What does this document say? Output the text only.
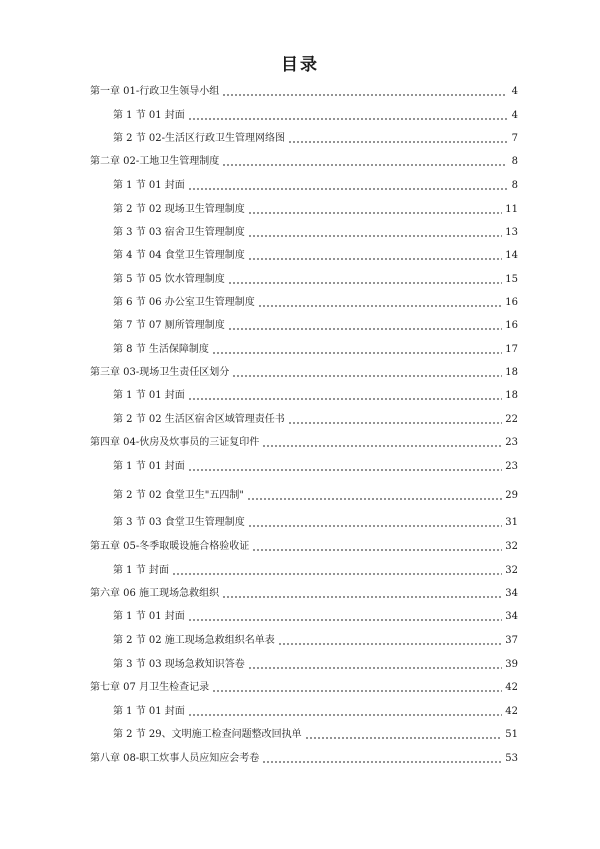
目录
第一章 01-行政卫生领导小组	4
第 1 节 01 封面	4
第 2 节 02-生活区行政卫生管理网络图	7
第二章 02-工地卫生管理制度	8
第 1 节 01 封面	8
第 2 节 02 现场卫生管理制度	11
第 3 节 03 宿舍卫生管理制度	13
第 4 节 04 食堂卫生管理制度	14
第 5 节 05 饮水管理制度	15
第 6 节 06 办公室卫生管理制度	16
第 7 节 07 厕所管理制度	16
第 8 节 生活保障制度	17
第三章 03-现场卫生责任区划分	18
第 1 节 01 封面	18
第 2 节 02 生活区宿舍区域管理责任书	22
第四章 04-伙房及炊事员的三证复印件	23
第 1 节 01 封面	23
第 2 节 02 食堂卫生"五四制"	29
第 3 节 03 食堂卫生管理制度	31
第五章 05-冬季取暖设施合格验收证	32
第 1 节 封面	32
第六章 06 施工现场急救组织	34
第 1 节 01 封面	34
第 2 节 02 施工现场急救组织名单表	37
第 3 节 03 现场急救知识答卷	39
第七章 07 月卫生检查记录	42
第 1 节 01 封面	42
第 2 节 29、文明施工检查问题整改回执单	51
第八章 08-职工炊事人员应知应会考卷	53
